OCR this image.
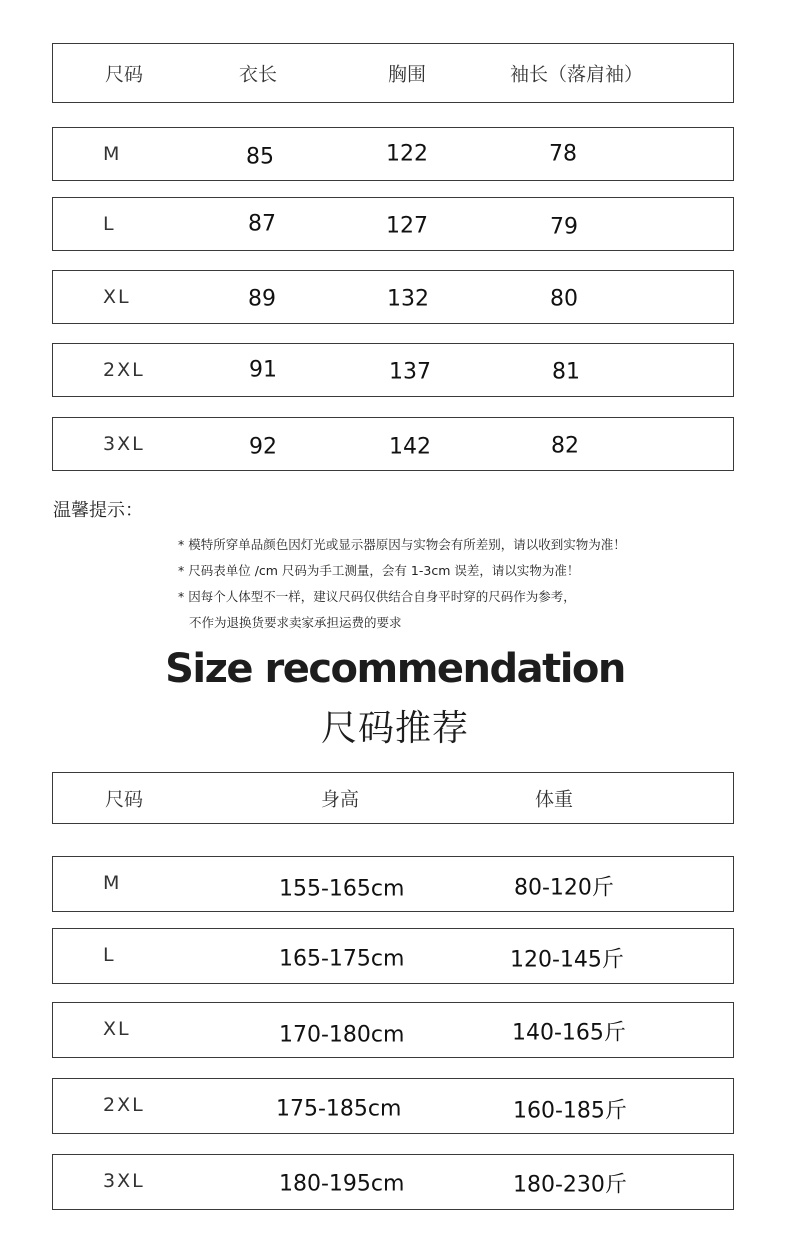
尺码	衣长	胸围	袖长（落肩袖）
M	85	122	78
L	87	127	79
XL	89	132	80
2XL	91	137	81
3XL	92	142	82
温馨提示：
* 模特所穿单品颜色因灯光或显示器原因与实物会有所差别，请以收到实物为准！
* 尺码表单位 /cm 尺码为手工测量，会有 1-3cm 误差，请以实物为准！
* 因每个人体型不一样，建议尺码仅供结合自身平时穿的尺码作为参考，
不作为退换货要求卖家承担运费的要求
Size recommendation
尺码推荐
尺码	身高	体重
M	155-165cm	80-120斤
L	165-175cm	120-145斤
XL	170-180cm	140-165斤
2XL	175-185cm	160-185斤
3XL	180-195cm	180-230斤
